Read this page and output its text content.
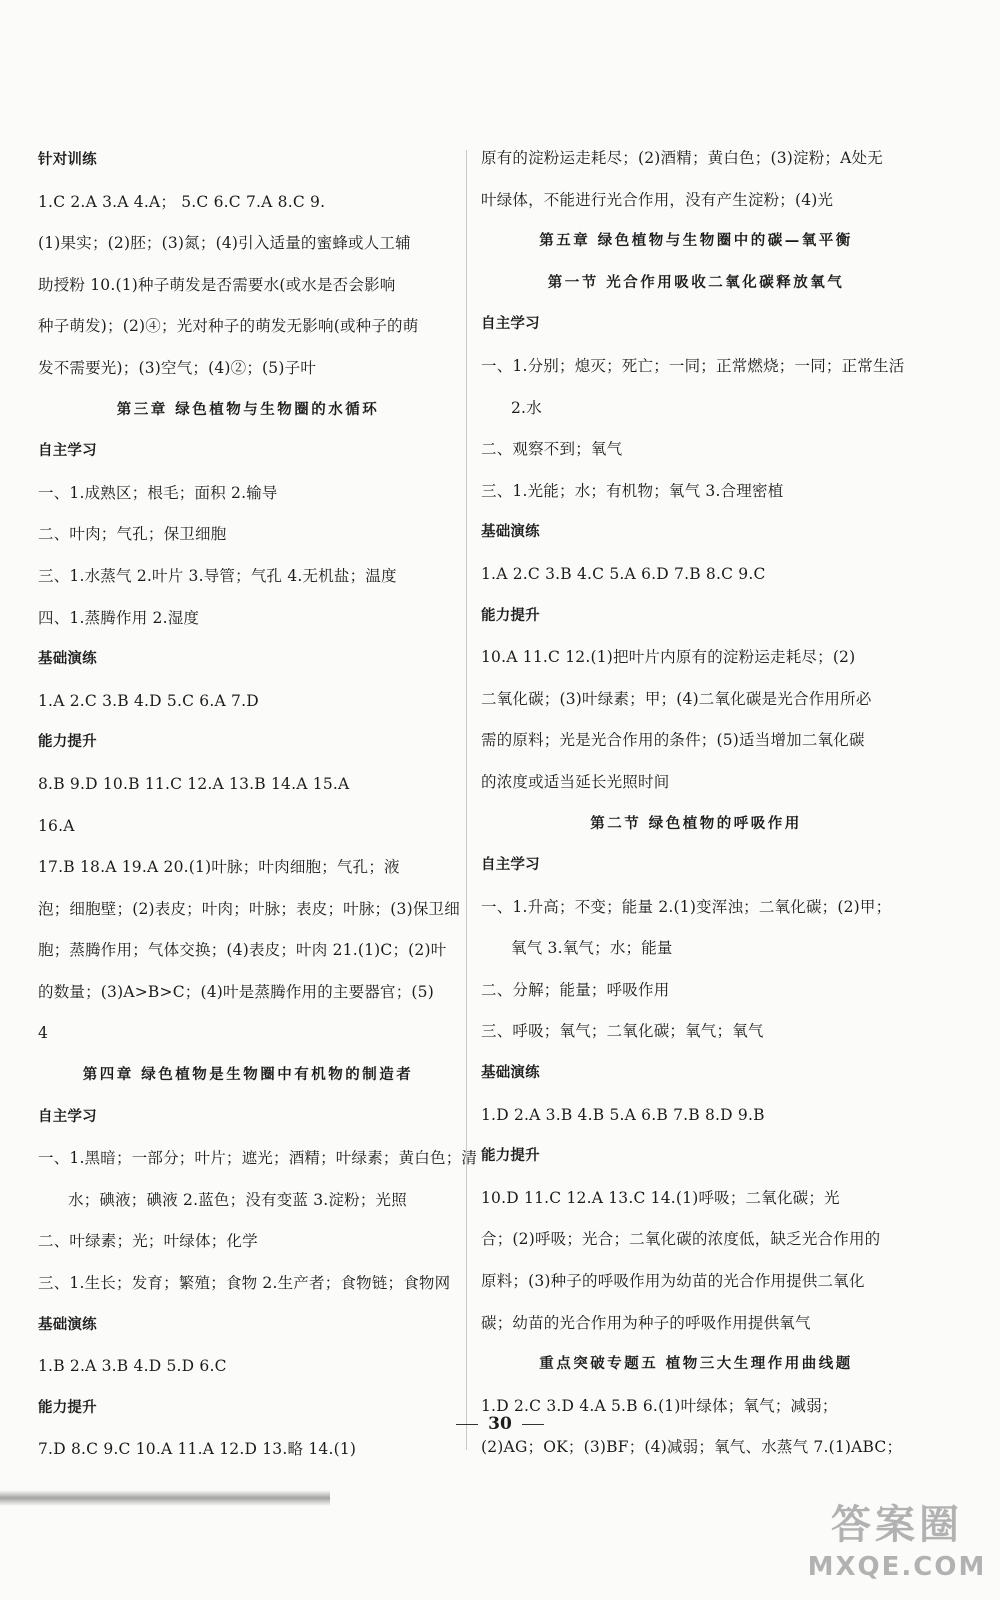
针对训练
1.C 2.A 3.A 4.A； 5.C 6.C 7.A 8.C 9.
(1)果实；(2)胚；(3)氮；(4)引入适量的蜜蜂或人工辅
助授粉 10.(1)种子萌发是否需要水(或水是否会影响
种子萌发)；(2)④；光对种子的萌发无影响(或种子的萌
发不需要光)；(3)空气；(4)②；(5)子叶
第三章 绿色植物与生物圈的水循环
自主学习
一、1.成熟区；根毛；面积 2.输导
二、叶肉；气孔；保卫细胞
三、1.水蒸气 2.叶片 3.导管；气孔 4.无机盐；温度
四、1.蒸腾作用 2.湿度
基础演练
1.A 2.C 3.B 4.D 5.C 6.A 7.D
能力提升
8.B 9.D 10.B 11.C 12.A 13.B 14.A 15.A
16.A
17.B 18.A 19.A 20.(1)叶脉；叶肉细胞；气孔；液
泡；细胞壁；(2)表皮；叶肉；叶脉；表皮；叶脉；(3)保卫细
胞；蒸腾作用；气体交换；(4)表皮；叶肉 21.(1)C；(2)叶
的数量；(3)A>B>C；(4)叶是蒸腾作用的主要器官；(5)
4
第四章 绿色植物是生物圈中有机物的制造者
自主学习
一、1.黑暗；一部分；叶片；遮光；酒精；叶绿素；黄白色；清
水；碘液；碘液 2.蓝色；没有变蓝 3.淀粉；光照
二、叶绿素；光；叶绿体；化学
三、1.生长；发育；繁殖；食物 2.生产者；食物链；食物网
基础演练
1.B 2.A 3.B 4.D 5.D 6.C
能力提升
7.D 8.C 9.C 10.A 11.A 12.D 13.略 14.(1)
原有的淀粉运走耗尽；(2)酒精；黄白色；(3)淀粉；A处无
叶绿体，不能进行光合作用，没有产生淀粉；(4)光
第五章 绿色植物与生物圈中的碳—氧平衡
第一节 光合作用吸收二氧化碳释放氧气
自主学习
一、1.分别；熄灭；死亡；一同；正常燃烧；一同；正常生活
2.水
二、观察不到；氧气
三、1.光能；水；有机物；氧气 3.合理密植
基础演练
1.A 2.C 3.B 4.C 5.A 6.D 7.B 8.C 9.C
能力提升
10.A 11.C 12.(1)把叶片内原有的淀粉运走耗尽；(2)
二氧化碳；(3)叶绿素；甲；(4)二氧化碳是光合作用所必
需的原料；光是光合作用的条件；(5)适当增加二氧化碳
的浓度或适当延长光照时间
第二节 绿色植物的呼吸作用
自主学习
一、1.升高；不变；能量 2.(1)变浑浊；二氧化碳；(2)甲；
氧气 3.氧气；水；能量
二、分解；能量；呼吸作用
三、呼吸；氧气；二氧化碳；氧气；氧气
基础演练
1.D 2.A 3.B 4.B 5.A 6.B 7.B 8.D 9.B
能力提升
10.D 11.C 12.A 13.C 14.(1)呼吸；二氧化碳；光
合；(2)呼吸；光合；二氧化碳的浓度低，缺乏光合作用的
原料；(3)种子的呼吸作用为幼苗的光合作用提供二氧化
碳；幼苗的光合作用为种子的呼吸作用提供氧气
重点突破专题五 植物三大生理作用曲线题
1.D 2.C 3.D 4.A 5.B 6.(1)叶绿体；氧气；减弱；
(2)AG；OK；(3)BF；(4)减弱；氧气、水蒸气 7.(1)ABC；
30
答案圈
MXQE.COM
